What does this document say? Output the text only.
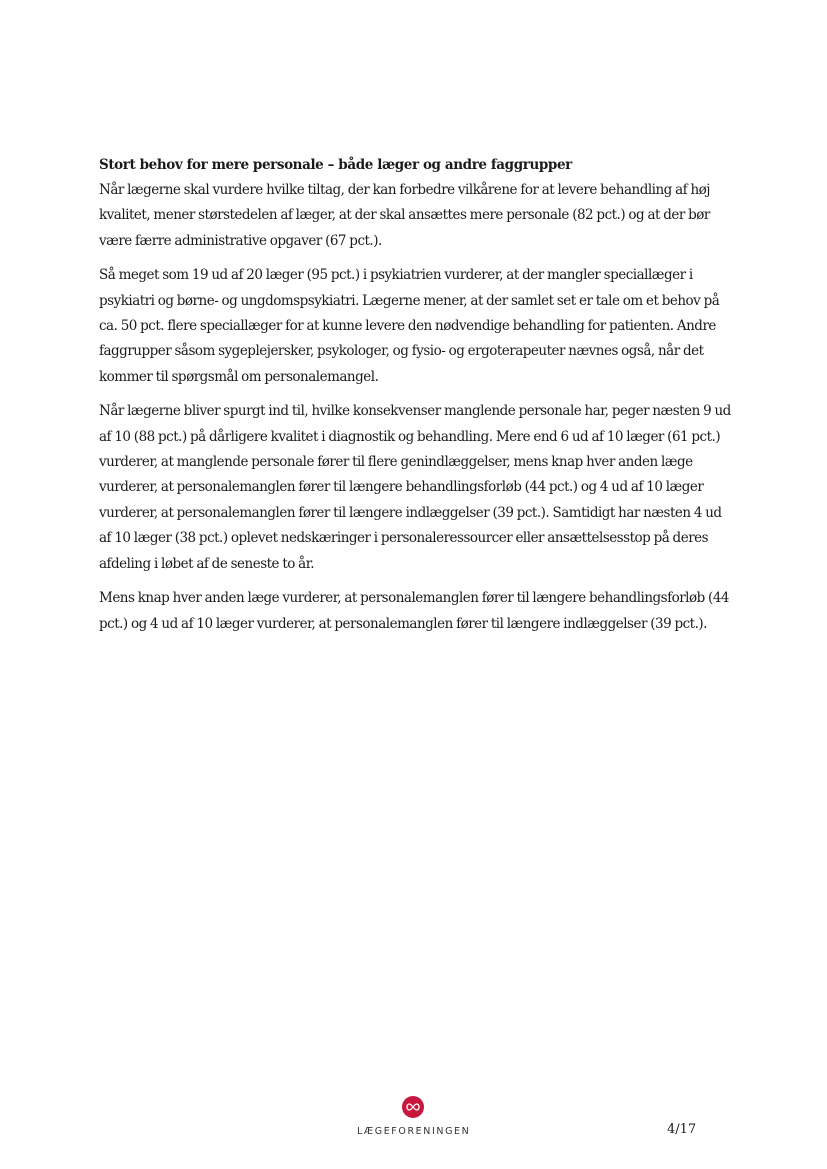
Stort behov for mere personale – både læger og andre faggrupper

Når lægerne skal vurdere hvilke tiltag, der kan forbedre vilkårene for at levere behandling af høj kvalitet, mener størstedelen af læger, at der skal ansættes mere personale (82 pct.) og at der bør være færre administrative opgaver (67 pct.).

Så meget som 19 ud af 20 læger (95 pct.) i psykiatrien vurderer, at der mangler speciallæger i psykiatri og børne- og ungdomspsykiatri. Lægerne mener, at der samlet set er tale om et behov på ca. 50 pct. flere speciallæger for at kunne levere den nødvendige behandling for patienten. Andre faggrupper såsom sygeplejersker, psykologer, og fysio- og ergoterapeuter nævnes også, når det kommer til spørgsmål om personalemangel.

Når lægerne bliver spurgt ind til, hvilke konsekvenser manglende personale har, peger næsten 9 ud af 10 (88 pct.) på dårligere kvalitet i diagnostik og behandling. Mere end 6 ud af 10 læger (61 pct.) vurderer, at manglende personale fører til flere genindlæggelser, mens knap hver anden læge vurderer, at personalemanglen fører til længere behandlingsforløb (44 pct.) og 4 ud af 10 læger vurderer, at personalemanglen fører til længere indlæggelser (39 pct.). Samtidigt har næsten 4 ud af 10 læger (38 pct.) oplevet nedskæringer i personaleressourcer eller ansættelsesstop på deres afdeling i løbet af de seneste to år.

Mens knap hver anden læge vurderer, at personalemanglen fører til længere behandlingsforløb (44 pct.) og 4 ud af 10 læger vurderer, at personalemanglen fører til længere indlæggelser (39 pct.).

LÆGEFORENINGEN	4/17
